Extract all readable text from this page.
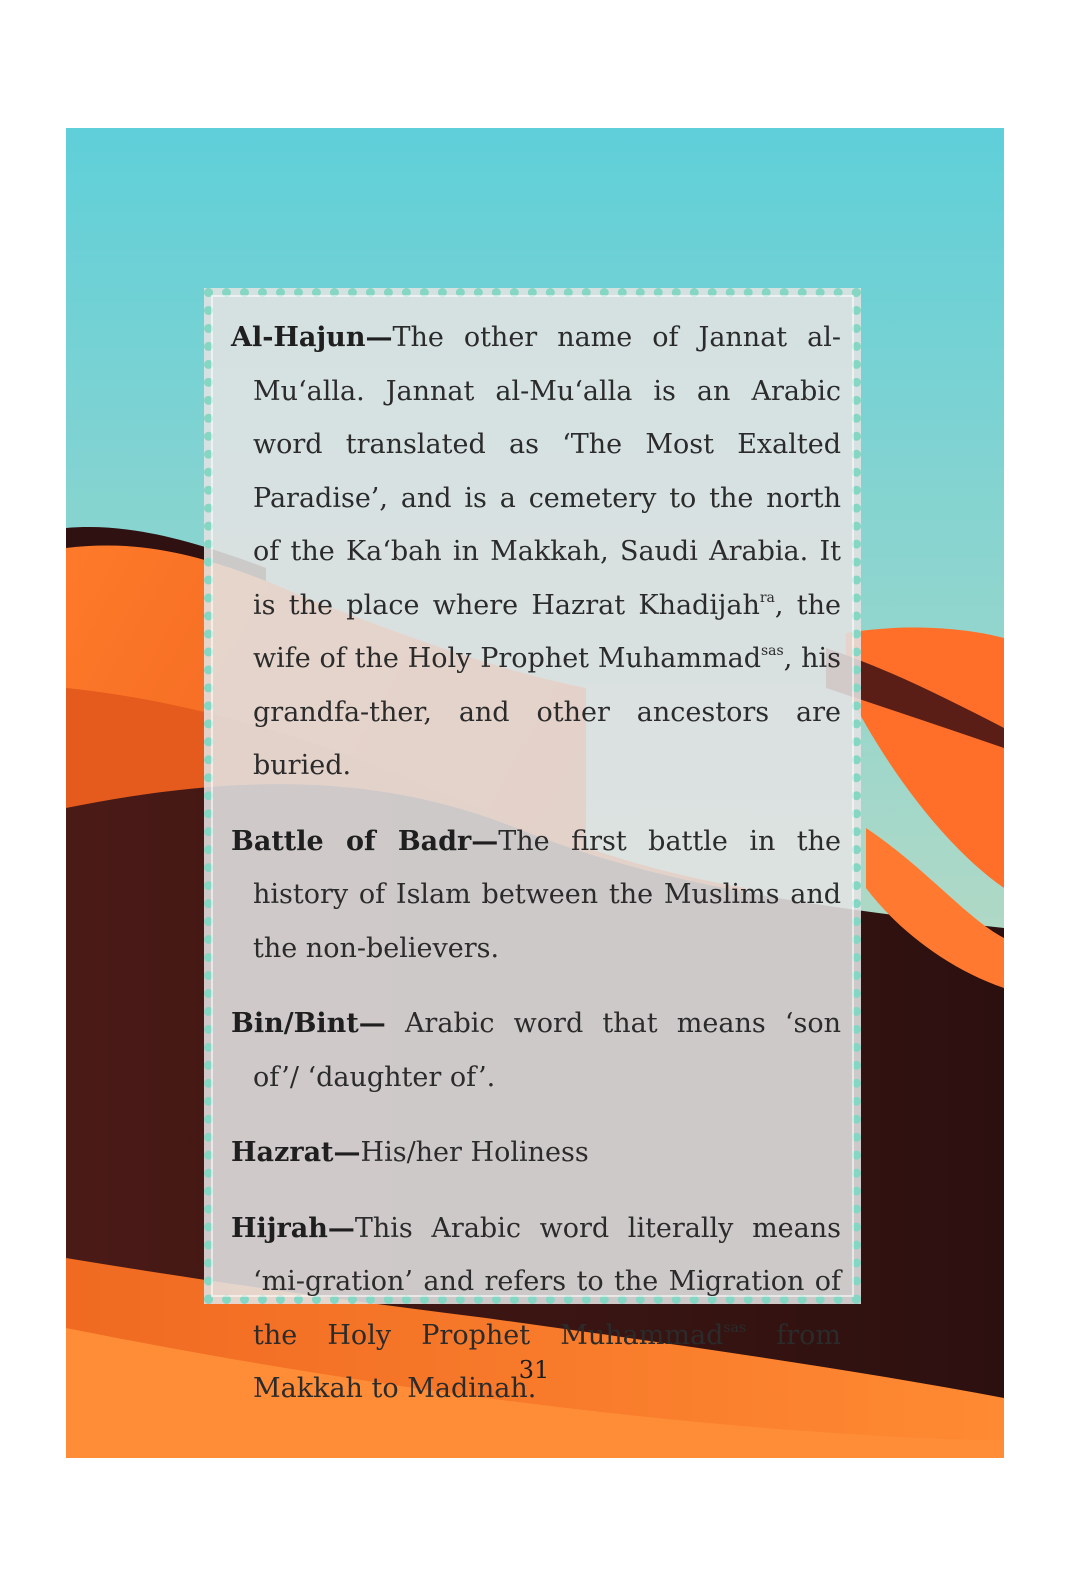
Al-Hajun—The other name of Jannat al-Mu‘alla. Jannat al-Mu‘alla is an Arabic word translated as ‘The Most Exalted Paradise’, and is a cemetery to the north of the Ka‘bah in Makkah, Saudi Arabia. It is the place where Hazrat Khadijah$^{ra}$, the wife of the Holy Prophet Muhammad$^{sas}$, his grandfa-ther, and other ancestors are buried.

Battle of Badr—The first battle in the history of Islam between the Muslims and the non-believers.

Bin/Bint— Arabic word that means ‘son of’/ ‘daughter of’.

Hazrat—His/her Holiness

Hijrah—This Arabic word literally means ‘mi-gration’ and refers to the Migration of the Holy Prophet Muhammad$^{sas}$ from Makkah to Madinah.

31
